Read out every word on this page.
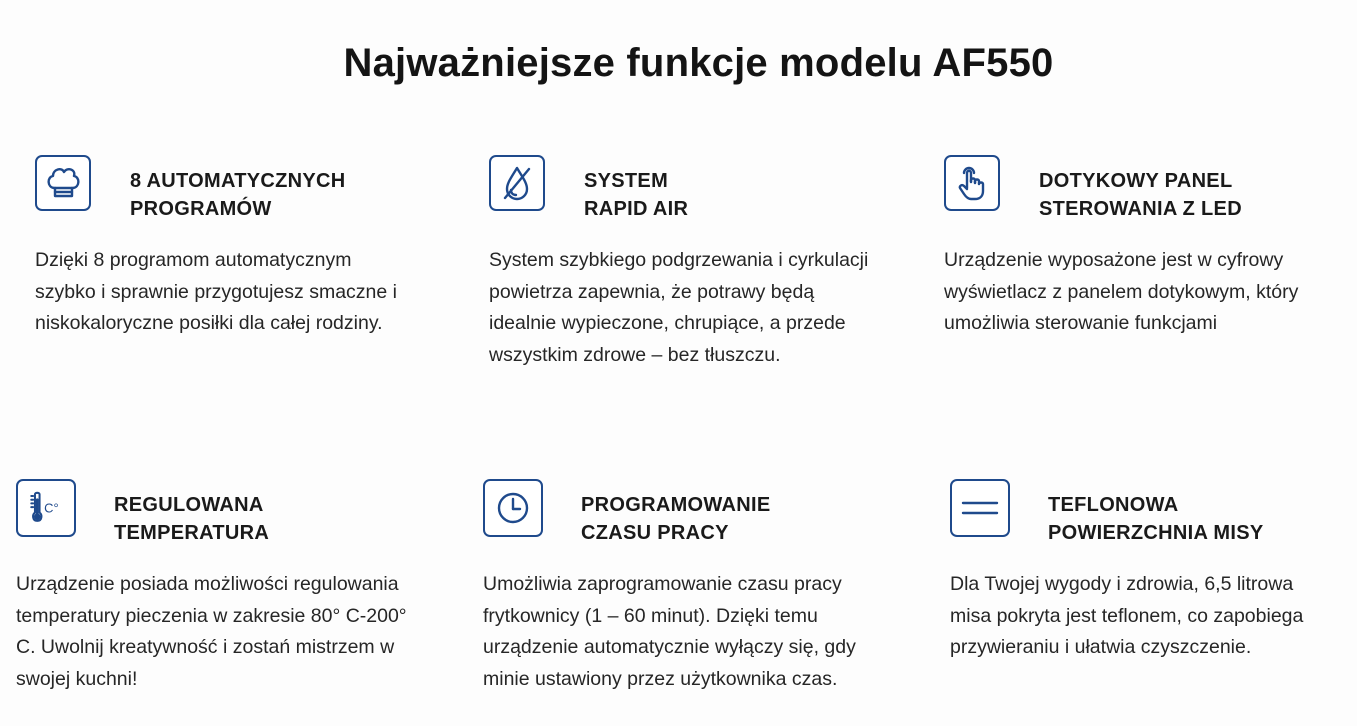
Najważniejsze funkcje modelu AF550
8 AUTOMATYCZNYCH
PROGRAMÓW
Dzięki 8 programom automatycznym
szybko i sprawnie przygotujesz smaczne i
niskokaloryczne posiłki dla całej rodziny.
SYSTEM
RAPID AIR
System szybkiego podgrzewania i cyrkulacji
powietrza zapewnia, że potrawy będą
idealnie wypieczone, chrupiące, a przede
wszystkim zdrowe – bez tłuszczu.
DOTYKOWY PANEL
STEROWANIA Z LED
Urządzenie wyposażone jest w cyfrowy
wyświetlacz z panelem dotykowym, który
umożliwia sterowanie funkcjami
C°	REGULOWANA
TEMPERATURA
Urządzenie posiada możliwości regulowania
temperatury pieczenia w zakresie 80° C-200°
C. Uwolnij kreatywność i zostań mistrzem w
swojej kuchni!
PROGRAMOWANIE
CZASU PRACY
Umożliwia zaprogramowanie czasu pracy
frytkownicy (1 – 60 minut). Dzięki temu
urządzenie automatycznie wyłączy się, gdy
minie ustawiony przez użytkownika czas.
TEFLONOWA
POWIERZCHNIA MISY
Dla Twojej wygody i zdrowia, 6,5 litrowa
misa pokryta jest teflonem, co zapobiega
przywieraniu i ułatwia czyszczenie.
